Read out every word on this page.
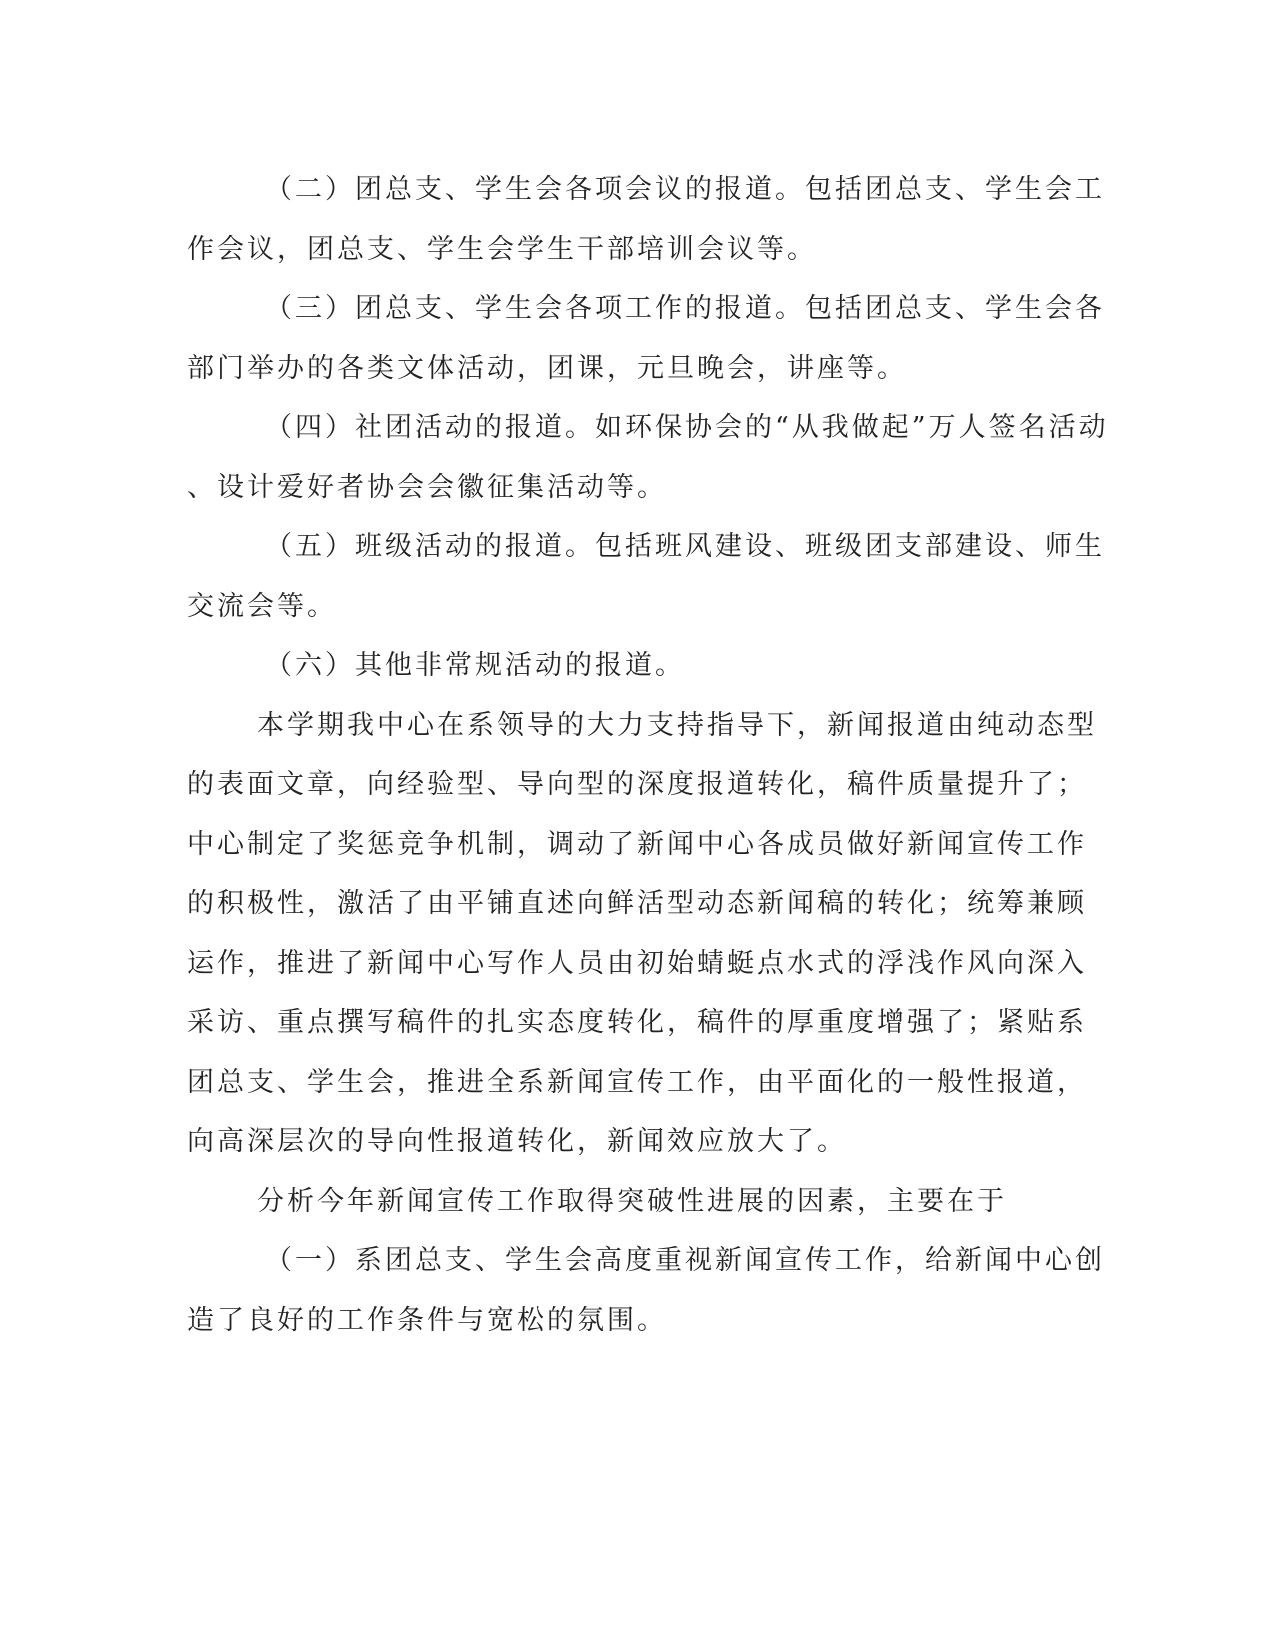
（二）团总支、学生会各项会议的报道。包括团总支、学生会工
作会议，团总支、学生会学生干部培训会议等。
（三）团总支、学生会各项工作的报道。包括团总支、学生会各
部门举办的各类文体活动，团课，元旦晚会，讲座等。
（四）社团活动的报道。如环保协会的“从我做起”万人签名活动
、设计爱好者协会会徽征集活动等。
（五）班级活动的报道。包括班风建设、班级团支部建设、师生
交流会等。
（六）其他非常规活动的报道。
本学期我中心在系领导的大力支持指导下，新闻报道由纯动态型
的表面文章，向经验型、导向型的深度报道转化，稿件质量提升了；
中心制定了奖惩竞争机制，调动了新闻中心各成员做好新闻宣传工作
的积极性，激活了由平铺直述向鲜活型动态新闻稿的转化；统筹兼顾
运作，推进了新闻中心写作人员由初始蜻蜓点水式的浮浅作风向深入
采访、重点撰写稿件的扎实态度转化，稿件的厚重度增强了；紧贴系
团总支、学生会，推进全系新闻宣传工作，由平面化的一般性报道，
向高深层次的导向性报道转化，新闻效应放大了。
分析今年新闻宣传工作取得突破性进展的因素，主要在于
（一）系团总支、学生会高度重视新闻宣传工作，给新闻中心创
造了良好的工作条件与宽松的氛围。
